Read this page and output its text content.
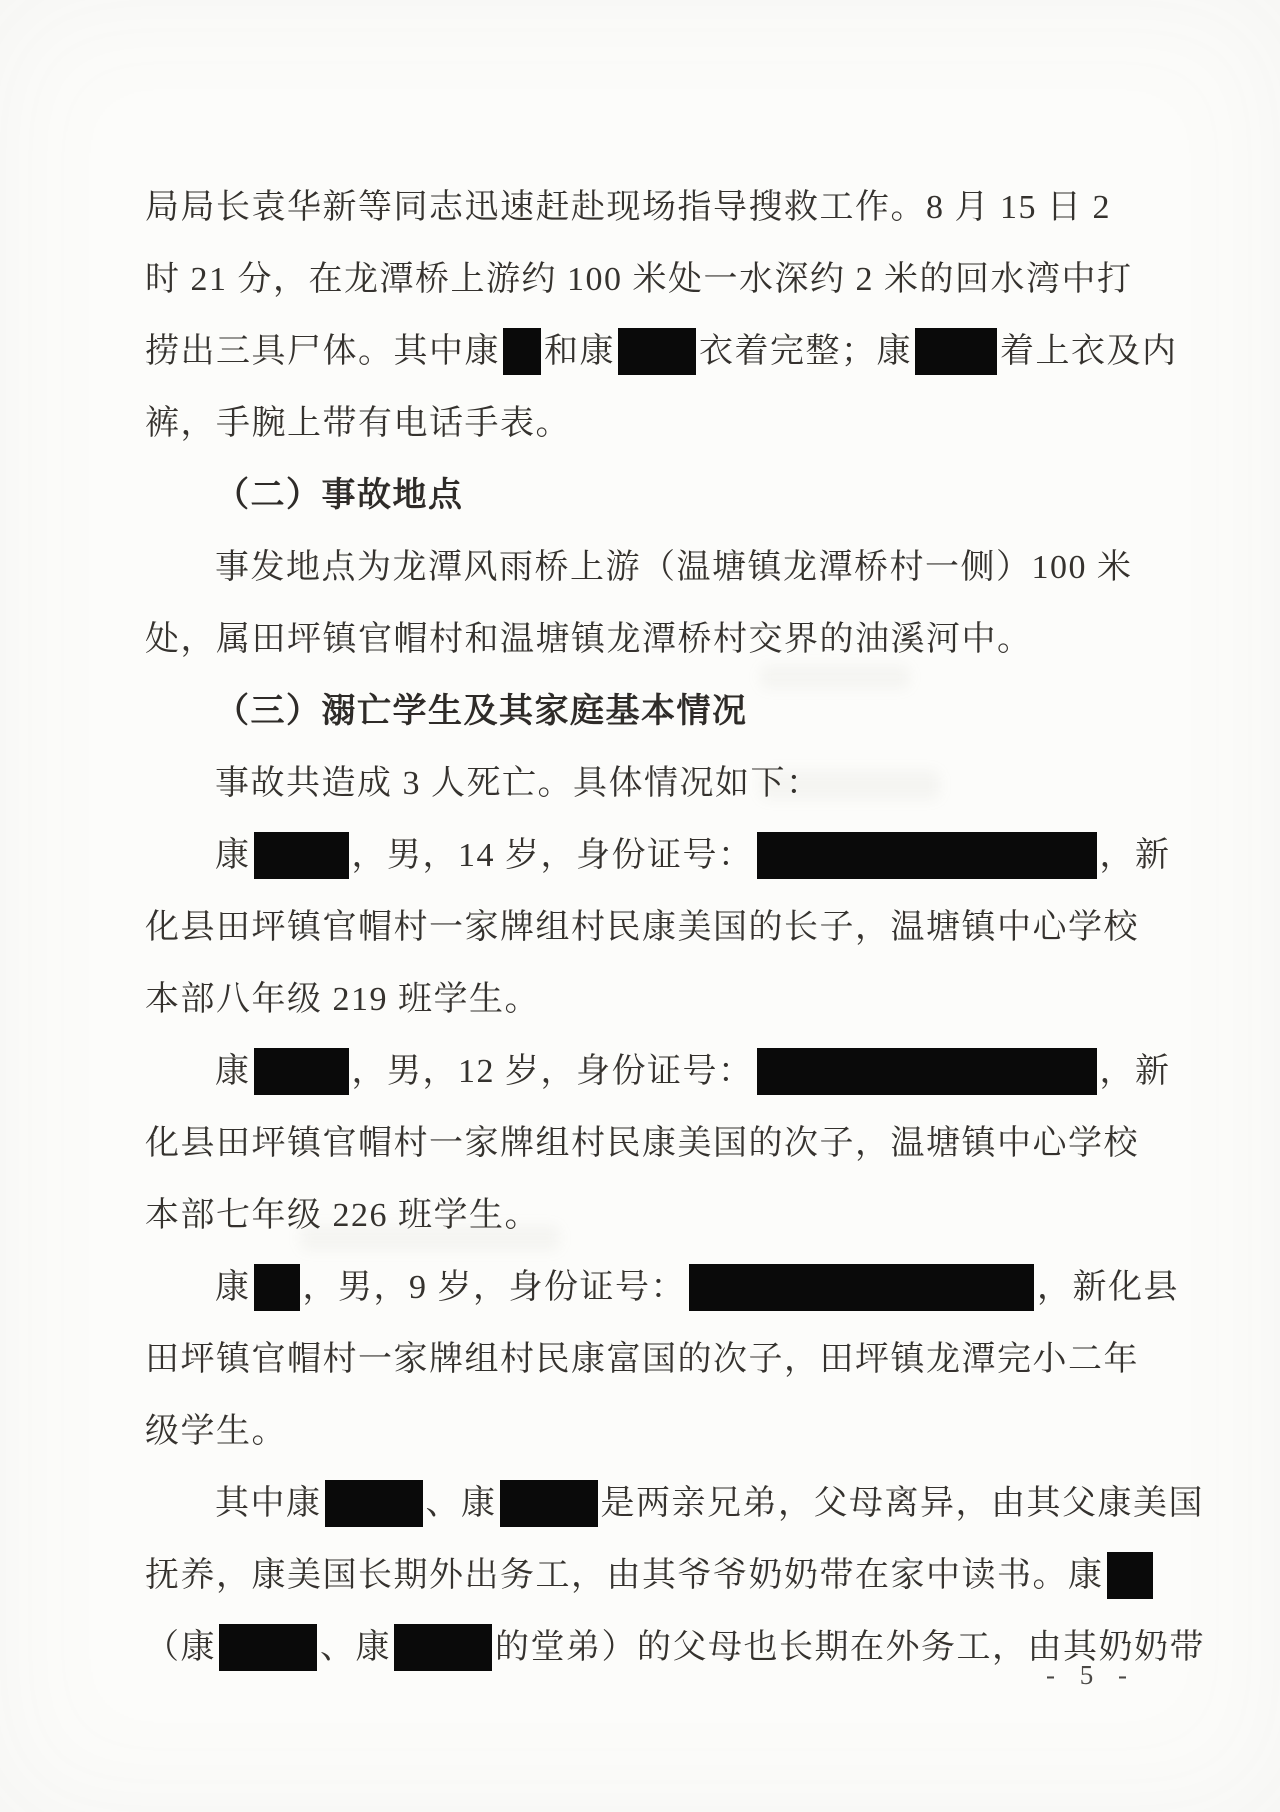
局局长袁华新等同志迅速赶赴现场指导搜救工作。8 月 15 日 2
时 21 分，在龙潭桥上游约 100 米处一水深约 2 米的回水湾中打
捞出三具尸体。其中康 和康 衣着完整；康	着上衣及内
裤，手腕上带有电话手表。
（二）事故地点
事发地点为龙潭风雨桥上游（温塘镇龙潭桥村一侧）100 米
处，属田坪镇官帽村和温塘镇龙潭桥村交界的油溪河中。
（三）溺亡学生及其家庭基本情况
事故共造成 3 人死亡。具体情况如下：
康	，男，14 岁，身份证号：	，新
化县田坪镇官帽村一家牌组村民康美国的长子，温塘镇中心学校
本部八年级 219 班学生。
康	，男，12 岁，身份证号：	，新
化县田坪镇官帽村一家牌组村民康美国的次子，温塘镇中心学校
本部七年级 226 班学生。
康 ，男，9 岁，身份证号：	，新化县
田坪镇官帽村一家牌组村民康富国的次子，田坪镇龙潭完小二年
级学生。
其中康	、康	是两亲兄弟，父母离异，由其父康美国
抚养，康美国长期外出务工，由其爷爷奶奶带在家中读书。康
（康	、康	的堂弟）的父母也长期在外务工，由其奶奶带
- 5 -
